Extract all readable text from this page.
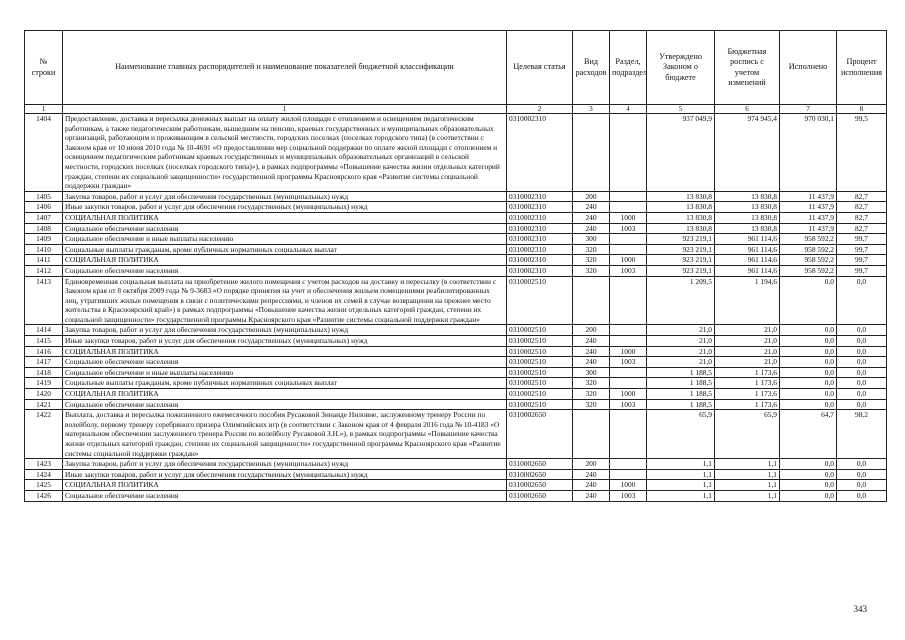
№ строки	Наименование главных распорядителей и наименование показателей бюджетной классификации	Целевая статья	Вид расходов	Раздел, подраздел	Утверждено Законом о бюджете	Бюджетная роспись с учетом изменений	Исполнено	Процент исполнения
1	1	2	3	4	5	6	7	8
1404	Предоставление, доставка и пересылка денежных выплат на оплату жилой площади с отоплением и освещением педагогическим работникам, а также педагогическим работникам, вышедшим на пенсию, краевых государственных и муниципальных образовательных организаций, работающим и проживающим в сельской местности, городских поселках (поселках городского типа) (в соответствии с Законом края от 10 июня 2010 года № 10-4691 «О предоставлении мер социальной поддержки по оплате жилой площади с отоплением и освещением педагогическим работникам краевых государственных и муниципальных образовательных организаций в сельской местности, городских поселках (поселках городского типа)»), в рамках подпрограммы «Повышение качества жизни отдельных категорий граждан, степени их социальной защищенности» государственной программы Красноярского края «Развитие системы социальной поддержки граждан»	0310002310			937 049,9	974 945,4	970 030,1	99,5
1405	Закупка товаров, работ и услуг для обеспечения государственных (муниципальных) нужд	0310002310	200		13 830,8	13 830,8	11 437,9	82,7
1406	Иные закупки товаров, работ и услуг для обеспечения государственных (муниципальных) нужд	0310002310	240		13 830,8	13 830,8	11 437,9	82,7
1407	СОЦИАЛЬНАЯ ПОЛИТИКА	0310002310	240	1000	13 830,8	13 830,8	11 437,9	82,7
1408	Социальное обеспечение населения	0310002310	240	1003	13 830,8	13 830,8	11 437,9	82,7
1409	Социальное обеспечение и иные выплаты населению	0310002310	300		923 219,1	961 114,6	958 592,2	99,7
1410	Социальные выплаты гражданам, кроме публичных нормативных социальных выплат	0310002310	320		923 219,1	961 114,6	958 592,2	99,7
1411	СОЦИАЛЬНАЯ ПОЛИТИКА	0310002310	320	1000	923 219,1	961 114,6	958 592,2	99,7
1412	Социальное обеспечение населения	0310002310	320	1003	923 219,1	961 114,6	958 592,2	99,7
1413	Единовременная социальная выплата на приобретение жилого помещения с учетом расходов на доставку и пересылку (в соответствии с Законом края от 8 октября 2009 года № 9-3683 «О порядке принятия на учет и обеспечения жильем помещениями реабилитированных лиц, утративших жилые помещения в связи с политическими репрессиями, и членов их семей в случае возвращения на прежнее место жительства в Красноярский край») в рамках подпрограммы «Повышение качества жизни отдельных категорий граждан, степени их социальной защищенности» государственной программы Красноярского края «Развитие системы социальной поддержки граждан»	0310002510			1 209,5	1 194,6	0,0	0,0
1414	Закупка товаров, работ и услуг для обеспечения государственных (муниципальных) нужд	0310002510	200		21,0	21,0	0,0	0,0
1415	Иные закупки товаров, работ и услуг для обеспечения государственных (муниципальных) нужд	0310002510	240		21,0	21,0	0,0	0,0
1416	СОЦИАЛЬНАЯ ПОЛИТИКА	0310002510	240	1000	21,0	21,0	0,0	0,0
1417	Социальное обеспечение населения	0310002510	240	1003	21,0	21,0	0,0	0,0
1418	Социальное обеспечение и иные выплаты населению	0310002510	300		1 188,5	1 173,6	0,0	0,0
1419	Социальные выплаты гражданам, кроме публичных нормативных социальных выплат	0310002510	320		1 188,5	1 173,6	0,0	0,0
1420	СОЦИАЛЬНАЯ ПОЛИТИКА	0310002510	320	1000	1 188,5	1 173,6	0,0	0,0
1421	Социальное обеспечение населения	0310002510	320	1003	1 188,5	1 173,6	0,0	0,0
1422	Выплата, доставка и пересылка пожизненного ежемесячного пособия Русаковой Зинаиде Ниловне, заслуженному тренеру России по волейболу, первому тренеру серебряного призера Олимпийских игр (в соответствии с Законом края от 4 февраля 2016 года № 10-4183 «О материальном обеспечении заслуженного тренера России по волейболу Русаковой З.Н.»), в рамках подпрограммы «Повышение качества жизни отдельных категорий граждан, степени их социальной защищенности» государственной программы Красноярского края «Развитие системы социальной поддержки граждан»	0310002650			65,9	65,9	64,7	98,2
1423	Закупка товаров, работ и услуг для обеспечения государственных (муниципальных) нужд	0310002650	200		1,1	1,1	0,0	0,0
1424	Иные закупки товаров, работ и услуг для обеспечения государственных (муниципальных) нужд	0310002650	240		1,1	1,1	0,0	0,0
1425	СОЦИАЛЬНАЯ ПОЛИТИКА	0310002650	240	1000	1,1	1,1	0,0	0,0
1426	Социальное обеспечение населения	0310002650	240	1003	1,1	1,1	0,0	0,0
343
